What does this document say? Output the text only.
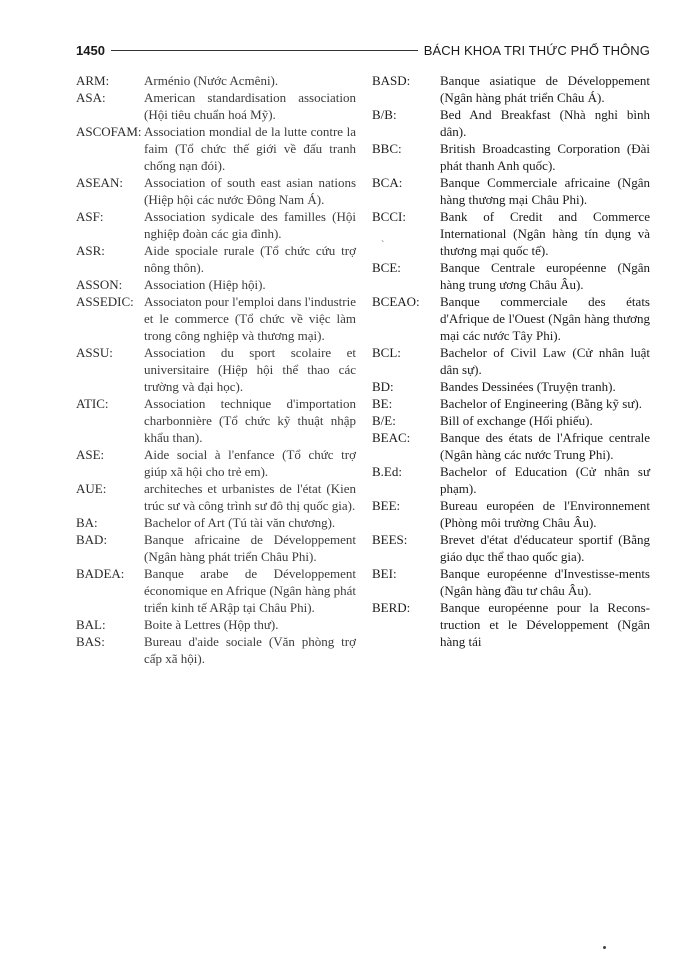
1450	BÁCH KHOA TRI THỨC PHỔ THÔNG
ARM:	Arménio (Nước Acmêni).
ASA:	American standardisation association (Hội tiêu chuẩn hoá Mỹ).
ASCOFAM: Association mondial de la lutte contre la faim (Tổ chức thế giới về đấu tranh chống nạn đói).
ASEAN:	Association of south east asian nations (Hiệp hội các nước Đông Nam Á).
ASF:	Association sydicale des familles (Hội nghiệp đoàn các gia đình).
ASR:	Aide spociale rurale (Tổ chức cứu trợ nông thôn).
ASSON:	Association (Hiệp hội).
ASSEDIC: Associaton pour l'emploi dans l'industrie et le commerce (Tổ chức về việc làm trong công nghiệp và thương mại).
ASSU:	Association du sport scolaire et universitaire (Hiệp hội thể thao các trường và đại học).
ATIC:	Association technique d'importation charbonnière (Tổ chức kỹ thuật nhập khẩu than).
ASE:	Aide social à l'enfance (Tổ chức trợ giúp xã hội cho trẻ em).
AUE:	architeches et urbanistes de l'état (Kien trúc sư và công trình sư đô thị quốc gia).
BA:	Bachelor of Art (Tú tài văn chương).
BAD:	Banque africaine de Développement (Ngân hàng phát triển Châu Phi).
BADEA:	Banque arabe de Développement économique en Afrique (Ngân hàng phát triển kinh tế ARập tại Châu Phi).
BAL:	Boite à Lettres (Hộp thư).
BAS:	Bureau d'aide sociale (Văn phòng trợ cấp xã hội).
BASD:	Banque asiatique de Développement (Ngân hàng phát triển Châu Á).
B/B:	Bed And Breakfast (Nhà nghỉ bình dân).
BBC:	British Broadcasting Corporation (Đài phát thanh Anh quốc).
BCA:	Banque Commerciale africaine (Ngân hàng thương mại Châu Phi).
BCCI:	Bank of Credit and Commerce International (Ngân hàng tín dụng và thương mại quốc tế).
BCE:	Banque Centrale européenne (Ngân hàng trung ương Châu Âu).
BCEAO:	Banque commerciale des états d'Afrique de l'Ouest (Ngân hàng thương mại các nước Tây Phi).
BCL:	Bachelor of Civil Law (Cử nhân luật dân sự).
BD:	Bandes Dessinées (Truyện tranh).
BE:	Bachelor of Engineering (Bằng kỹ sư).
B/E:	Bill of exchange (Hối phiếu).
BEAC:	Banque des états de l'Afrique centrale (Ngân hàng các nước Trung Phi).
B.Ed:	Bachelor of Education (Cử nhân sư phạm).
BEE:	Bureau européen de l'Environnement (Phòng môi trường Châu Âu).
BEES:	Brevet d'état d'éducateur sportif (Bằng giáo dục thể thao quốc gia).
BEI:	Banque européenne d'Investisse-ments (Ngân hàng đầu tư châu Âu).
BERD:	Banque européenne pour la Recons-truction et le Développement (Ngân hàng tái
`
